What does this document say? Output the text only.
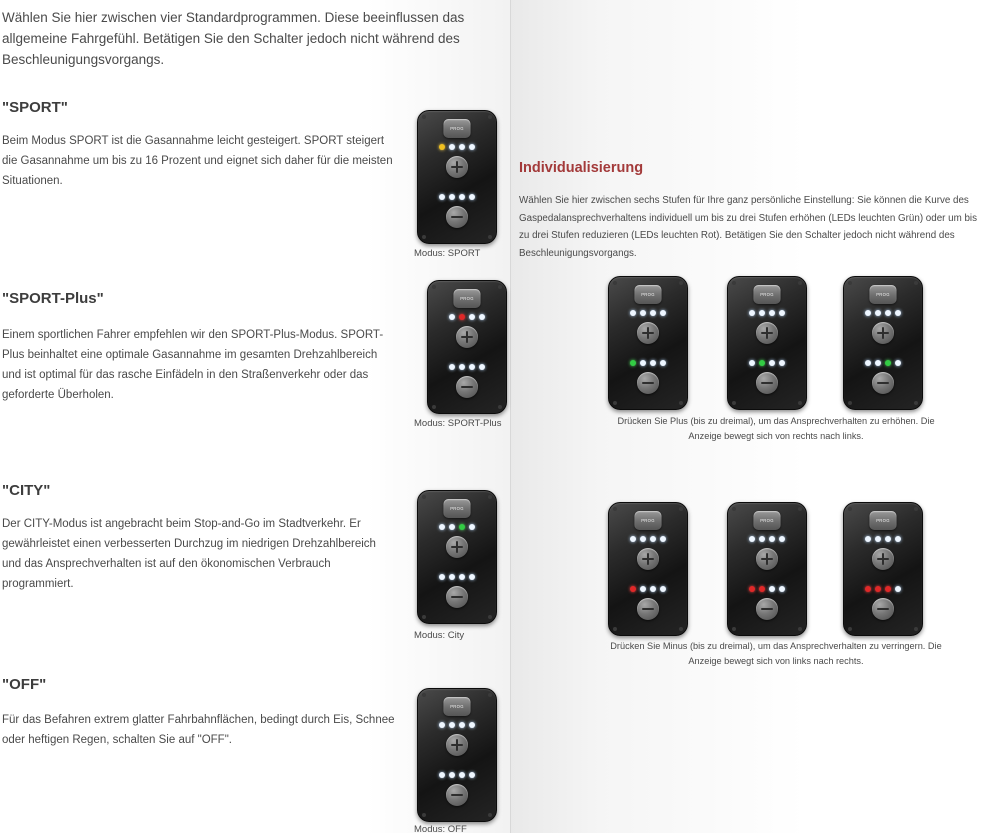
Wählen Sie hier zwischen vier Standardprogrammen. Diese beeinflussen das allgemeine Fahrgefühl. Betätigen Sie den Schalter jedoch nicht während des Beschleunigungsvorgangs.
"SPORT"
Beim Modus SPORT ist die Gasannahme leicht gesteigert. SPORT steigert die Gasannahme um bis zu 16 Prozent und eignet sich daher für die meisten Situationen.
PROG
Modus: SPORT
"SPORT-Plus"
Einem sportlichen Fahrer empfehlen wir den SPORT-Plus-Modus. SPORT-Plus beinhaltet eine optimale Gasannahme im gesamten Drehzahlbereich und ist optimal für das rasche Einfädeln in den Straßenverkehr oder das geforderte Überholen.
PROG
Modus: SPORT-Plus
"CITY"
Der CITY-Modus ist angebracht beim Stop-and-Go im Stadtverkehr. Er gewährleistet einen verbesserten Durchzug im niedrigen Drehzahlbereich und das Ansprechverhalten ist auf den ökonomischen Verbrauch programmiert.
PROG
Modus: City
"OFF"
Für das Befahren extrem glatter Fahrbahnflächen, bedingt durch Eis, Schnee oder heftigen Regen, schalten Sie auf "OFF".
PROG
Modus: OFF
Individualisierung
Wählen Sie hier zwischen sechs Stufen für Ihre ganz persönliche Einstellung: Sie können die Kurve des Gaspedalansprechverhaltens individuell um bis zu drei Stufen erhöhen (LEDs leuchten Grün) oder um bis zu drei Stufen reduzieren (LEDs leuchten Rot). Betätigen Sie den Schalter jedoch nicht während des Beschleunigungsvorgangs.
PROG	PROG	PROG
Drücken Sie Plus (bis zu dreimal), um das Ansprechverhalten zu erhöhen. Die Anzeige bewegt sich von rechts nach links.
PROG	PROG	PROG
Drücken Sie Minus (bis zu dreimal), um das Ansprechverhalten zu verringern. Die Anzeige bewegt sich von links nach rechts.
